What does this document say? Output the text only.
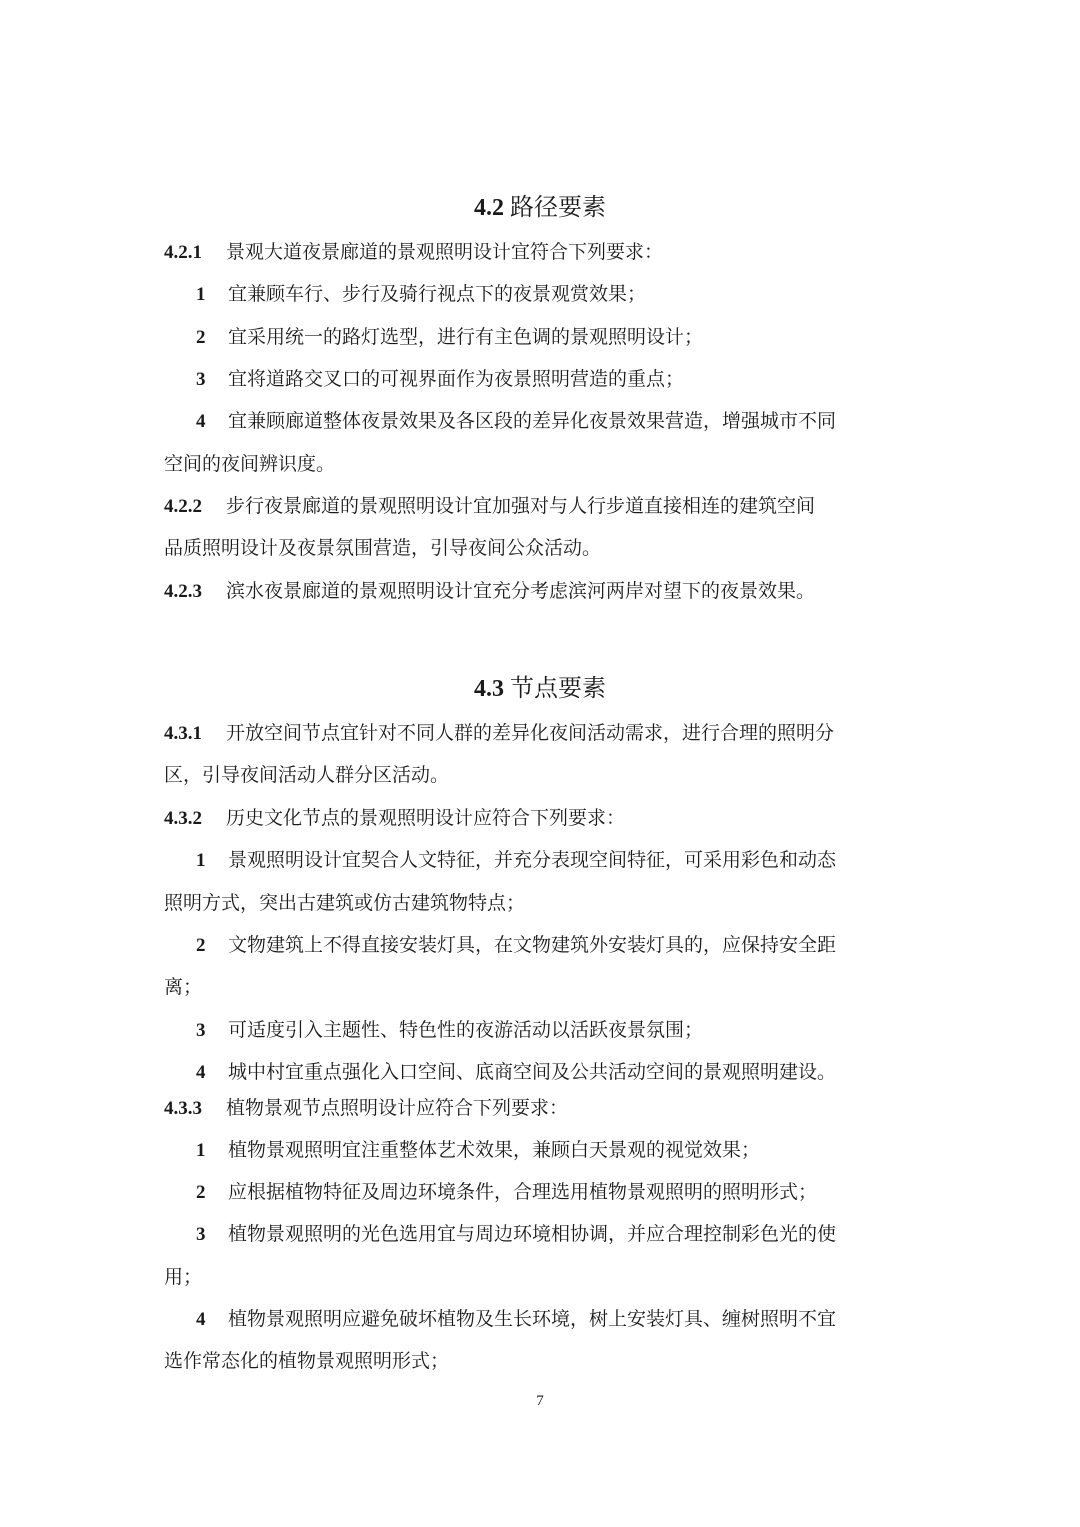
4.2 路径要素
4.2.1 景观大道夜景廊道的景观照明设计宜符合下列要求：
1 宜兼顾车行、步行及骑行视点下的夜景观赏效果；
2 宜采用统一的路灯选型，进行有主色调的景观照明设计；
3 宜将道路交叉口的可视界面作为夜景照明营造的重点；
4 宜兼顾廊道整体夜景效果及各区段的差异化夜景效果营造，增强城市不同
空间的夜间辨识度。
4.2.2 步行夜景廊道的景观照明设计宜加强对与人行步道直接相连的建筑空间
品质照明设计及夜景氛围营造，引导夜间公众活动。
4.2.3 滨水夜景廊道的景观照明设计宜充分考虑滨河两岸对望下的夜景效果。
4.3 节点要素
4.3.1 开放空间节点宜针对不同人群的差异化夜间活动需求，进行合理的照明分
区，引导夜间活动人群分区活动。
4.3.2 历史文化节点的景观照明设计应符合下列要求：
1 景观照明设计宜契合人文特征，并充分表现空间特征，可采用彩色和动态
照明方式，突出古建筑或仿古建筑物特点；
2 文物建筑上不得直接安装灯具，在文物建筑外安装灯具的，应保持安全距
离；
3 可适度引入主题性、特色性的夜游活动以活跃夜景氛围；
4 城中村宜重点强化入口空间、底商空间及公共活动空间的景观照明建设。
4.3.3 植物景观节点照明设计应符合下列要求：
1 植物景观照明宜注重整体艺术效果，兼顾白天景观的视觉效果；
2 应根据植物特征及周边环境条件，合理选用植物景观照明的照明形式；
3 植物景观照明的光色选用宜与周边环境相协调，并应合理控制彩色光的使
用；
4 植物景观照明应避免破坏植物及生长环境，树上安装灯具、缠树照明不宜
选作常态化的植物景观照明形式；
7
